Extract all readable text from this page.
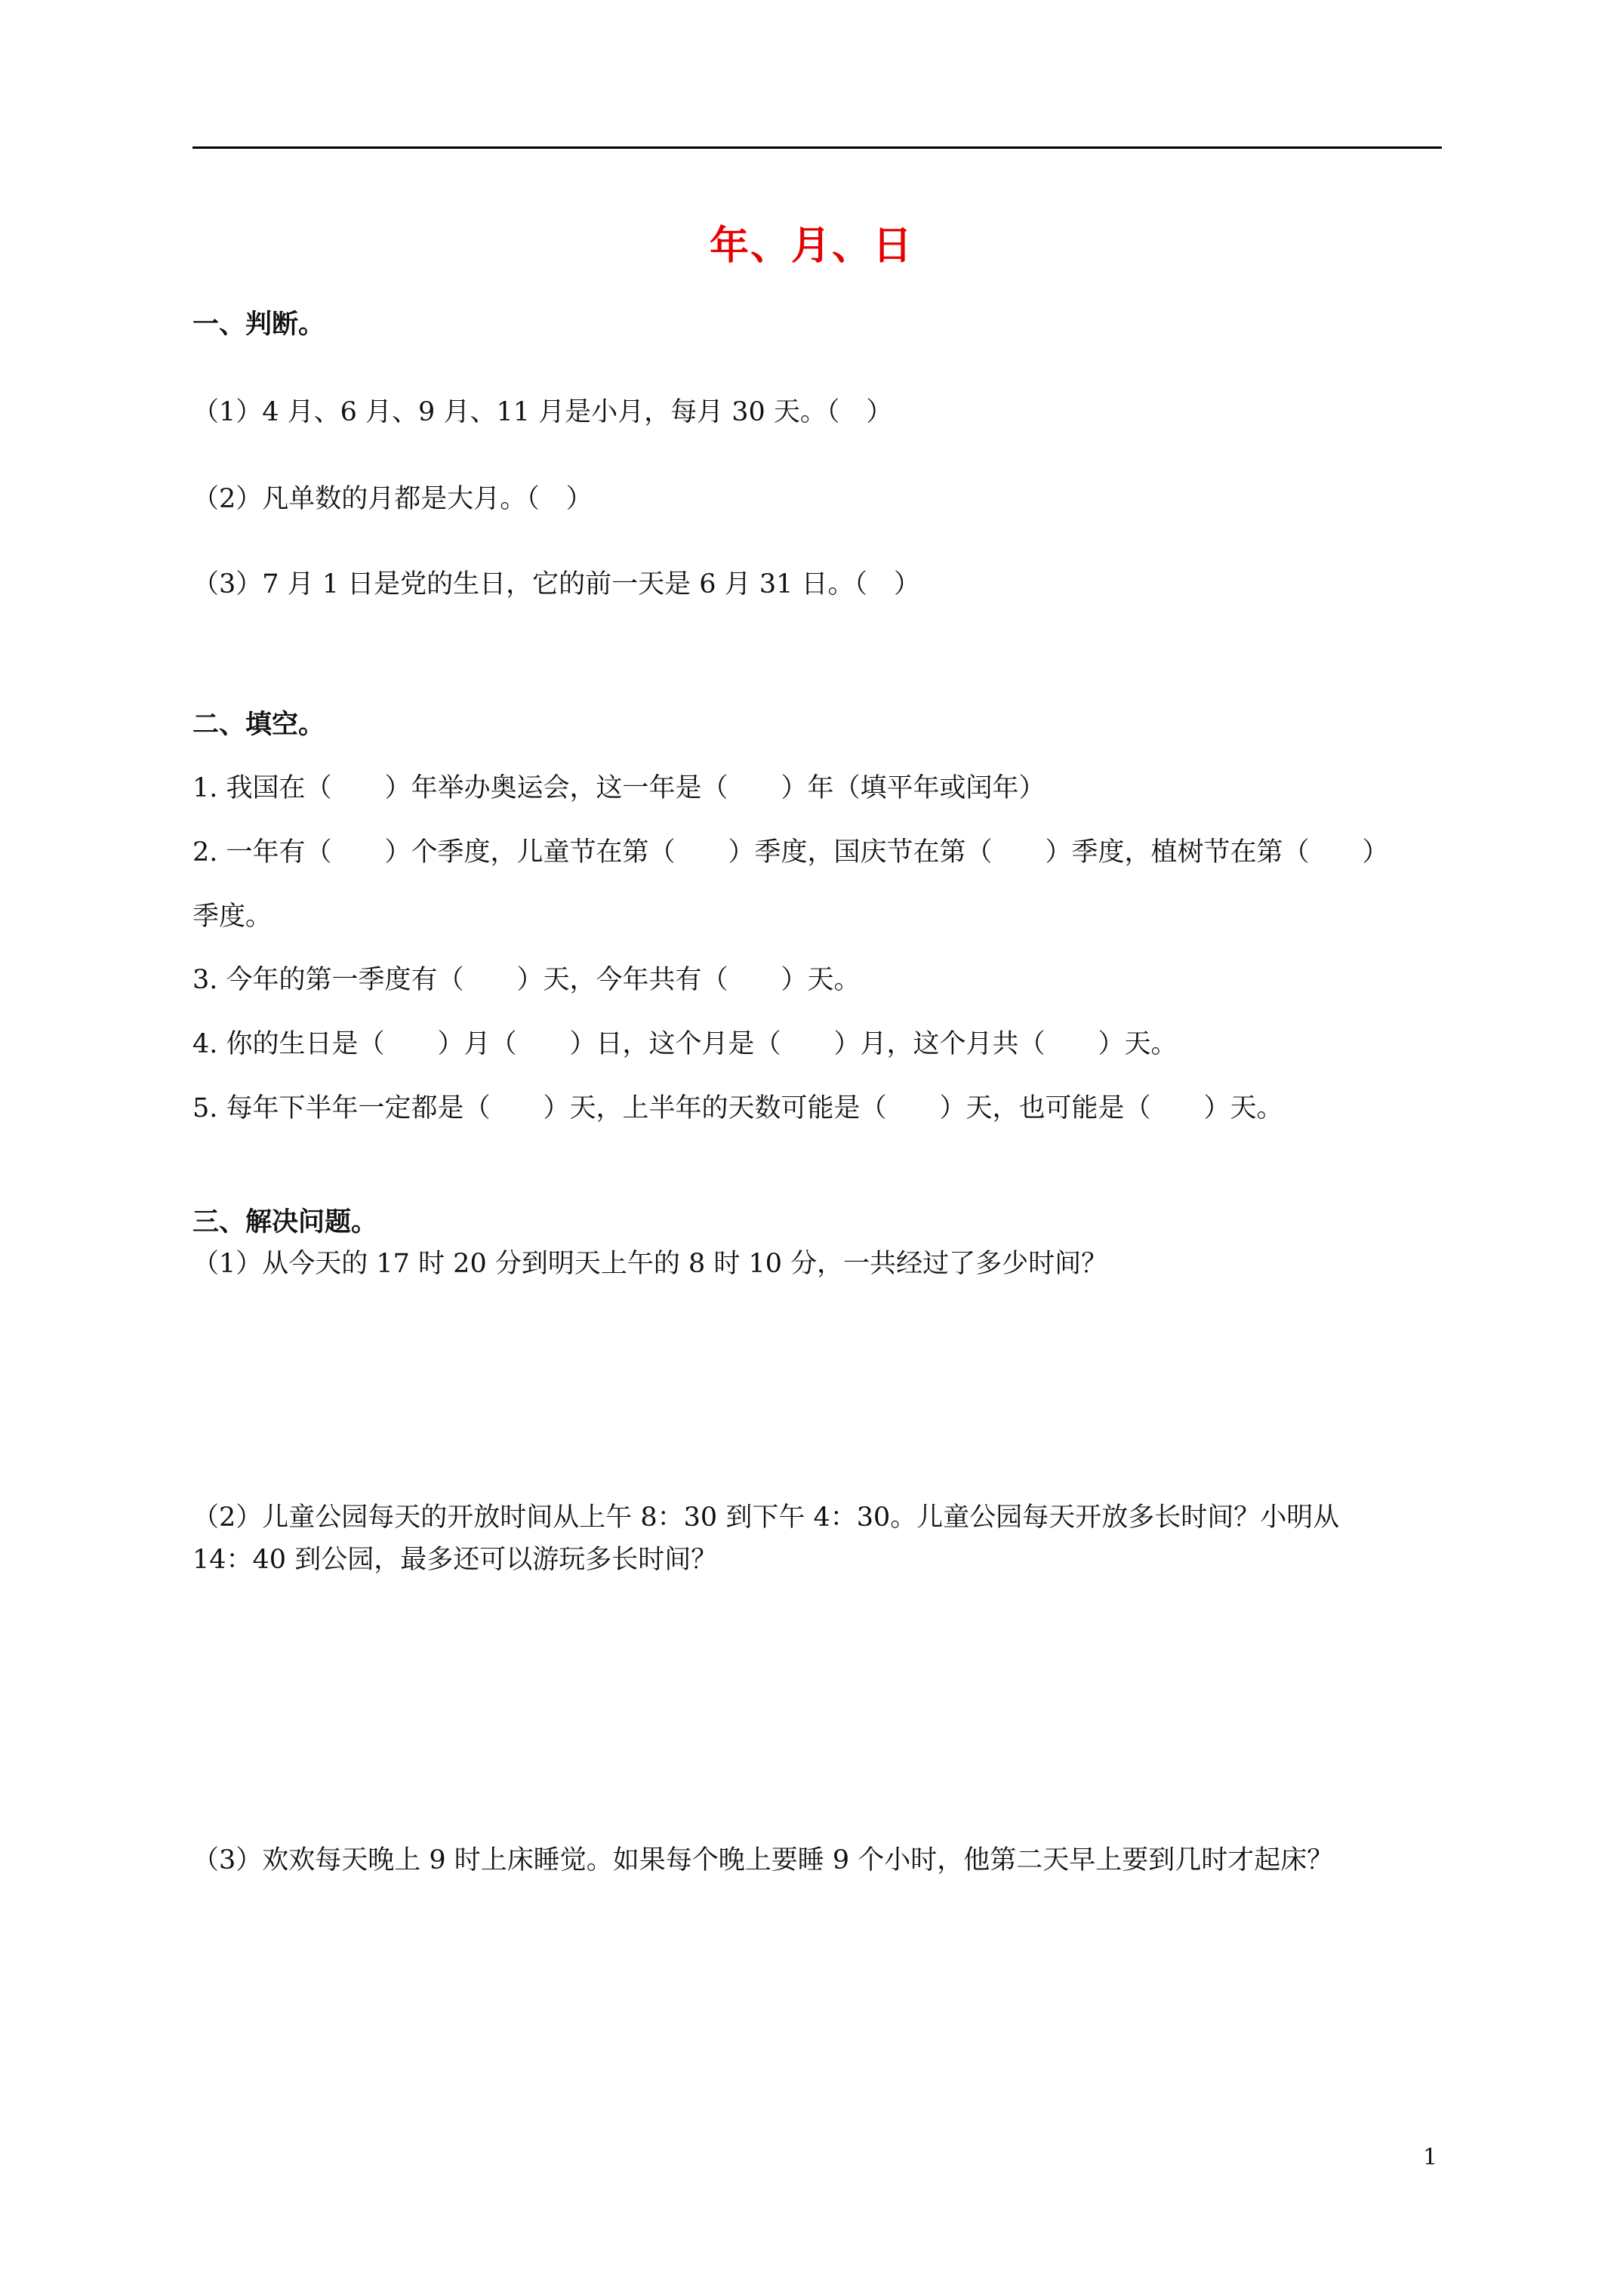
年、月、日
一、判断。
（1）4 月、6 月、9 月、11 月是小月，每月 30 天。（　）
（2）凡单数的月都是大月。（　）
（3）7 月 1 日是党的生日，它的前一天是 6 月 31 日。（　）
二、填空。
1. 我国在（　　）年举办奥运会，这一年是（　　）年（填平年或闰年）
2. 一年有（　　）个季度，儿童节在第（　　）季度，国庆节在第（　　）季度，植树节在第（　　）
季度。
3. 今年的第一季度有（　　）天，今年共有（　　）天。
4. 你的生日是（　　）月（　　）日，这个月是（　　）月，这个月共（　　）天。
5. 每年下半年一定都是（　　）天，上半年的天数可能是（　　）天，也可能是（　　）天。
三、解决问题。
（1）从今天的 17 时 20 分到明天上午的 8 时 10 分，一共经过了多少时间？
（2）儿童公园每天的开放时间从上午 8：30 到下午 4：30。儿童公园每天开放多长时间？小明从
14：40 到公园，最多还可以游玩多长时间？
（3）欢欢每天晚上 9 时上床睡觉。如果每个晚上要睡 9 个小时，他第二天早上要到几时才起床？
1
